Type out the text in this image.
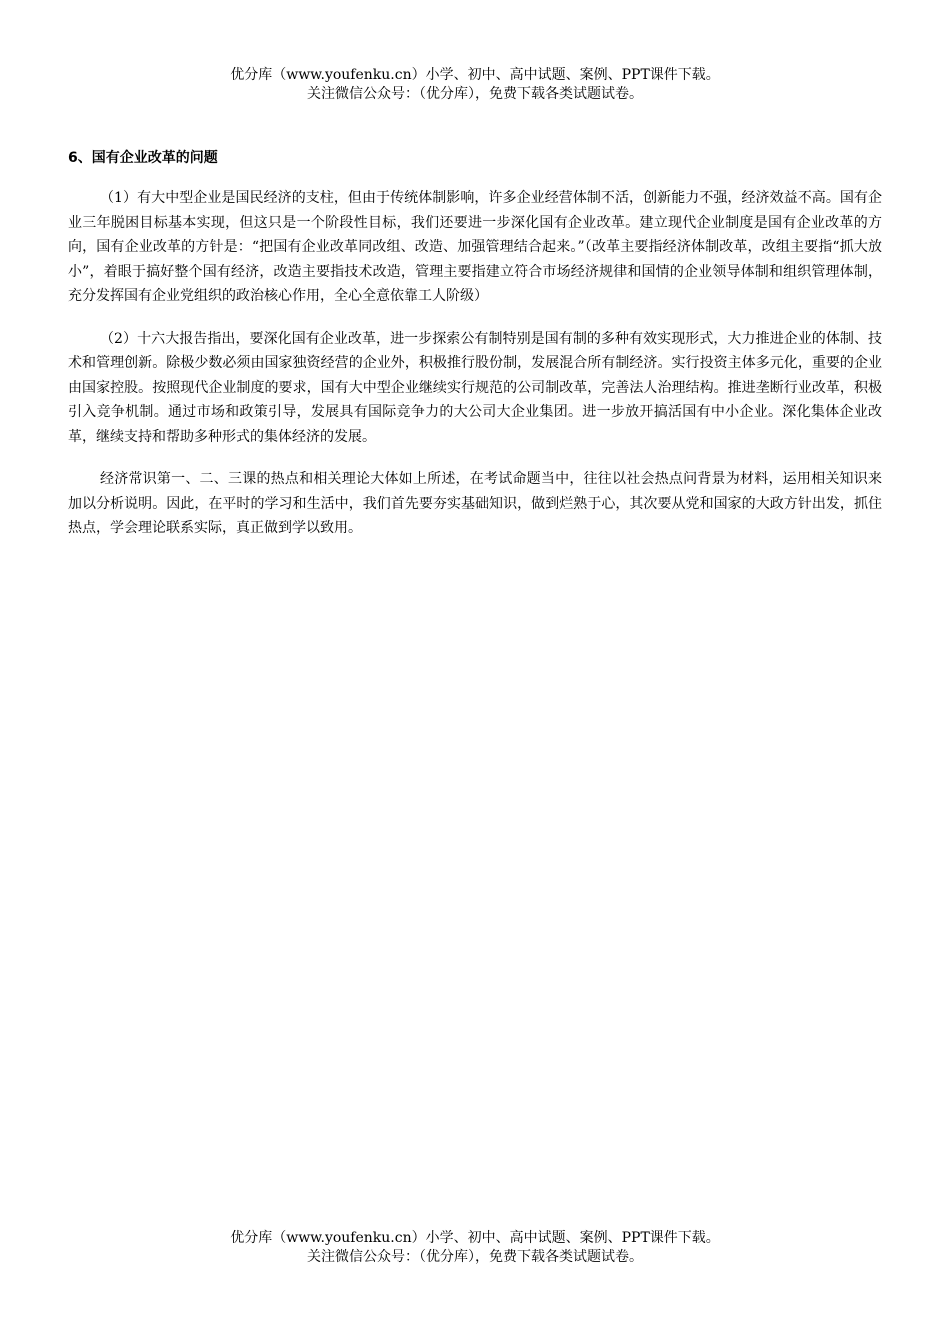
优分库（www.youfenku.cn）小学、初中、高中试题、案例、PPT课件下载。
关注微信公众号：（优分库），免费下载各类试题试卷。
6、国有企业改革的问题

（1）有大中型企业是国民经济的支柱，但由于传统体制影响，许多企业经营体制不活，创新能力不强，经济效益不高。国有企业三年脱困目标基本实现，但这只是一个阶段性目标，我们还要进一步深化国有企业改革。建立现代企业制度是国有企业改革的方向，国有企业改革的方针是：“把国有企业改革同改组、改造、加强管理结合起来。”（改革主要指经济体制改革，改组主要指“抓大放小”，着眼于搞好整个国有经济，改造主要指技术改造，管理主要指建立符合市场经济规律和国情的企业领导体制和组织管理体制，充分发挥国有企业党组织的政治核心作用，全心全意依靠工人阶级）

（2）十六大报告指出，要深化国有企业改革，进一步探索公有制特别是国有制的多种有效实现形式，大力推进企业的体制、技术和管理创新。除极少数必须由国家独资经营的企业外，积极推行股份制，发展混合所有制经济。实行投资主体多元化，重要的企业由国家控股。按照现代企业制度的要求，国有大中型企业继续实行规范的公司制改革，完善法人治理结构。推进垄断行业改革，积极引入竞争机制。通过市场和政策引导，发展具有国际竞争力的大公司大企业集团。进一步放开搞活国有中小企业。深化集体企业改革，继续支持和帮助多种形式的集体经济的发展。

经济常识第一、二、三课的热点和相关理论大体如上所述，在考试命题当中，往往以社会热点问背景为材料，运用相关知识来加以分析说明。因此，在平时的学习和生活中，我们首先要夯实基础知识，做到烂熟于心，其次要从党和国家的大政方针出发，抓住热点，学会理论联系实际，真正做到学以致用。

优分库（www.youfenku.cn）小学、初中、高中试题、案例、PPT课件下载。
关注微信公众号：（优分库），免费下载各类试题试卷。
